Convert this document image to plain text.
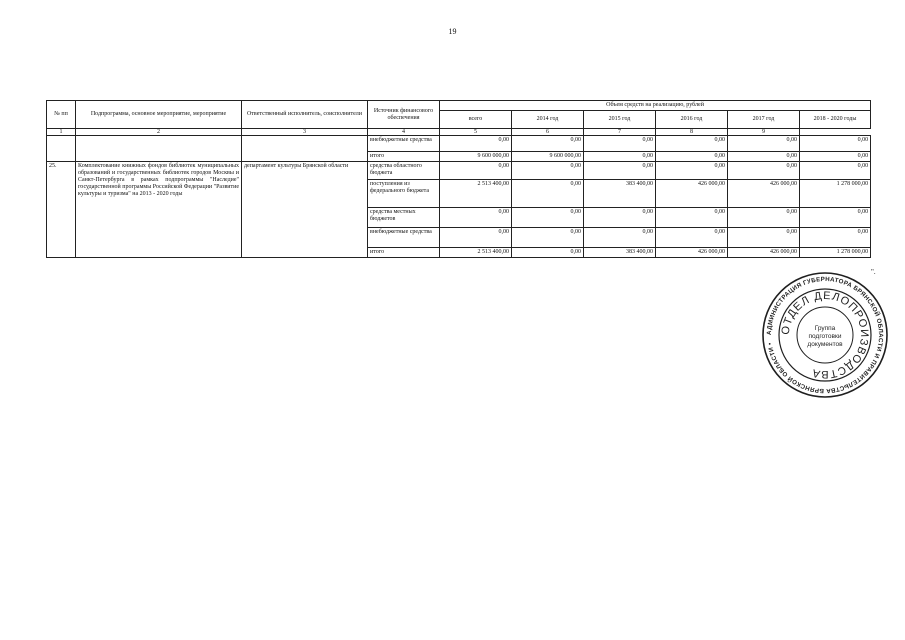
19
№ пп	Подпрограмма, основное мероприятие, мероприятие	Ответственный исполнитель, соисполнители	Источник финансового обеспечения	Объем средств на реализацию, рублей					
				всего	2014 год	2015 год	2016 год	2017 год	2018 - 2020 годы
1	2	3	4	5	6	7	8	9	
			внебюджетные средства	0,00	0,00	0,00	0,00	0,00	0,00
			итого	9 600 000,00	9 600 000,00	0,00	0,00	0,00	0,00
25.	Комплектование книжных фондов библиотек муниципальных образований и государственных библиотек городов Москвы и Санкт-Петербурга в рамках подпрограммы "Наследие" государственной программы Российской Федерации "Развитие культуры и туризма" на 2013 - 2020 годы	департамент культуры Брянской области	средства областного бюджета	0,00	0,00	0,00	0,00	0,00	0,00
			поступления из федерального бюджета	2 513 400,00	0,00	383 400,00	426 000,00	426 000,00	1 278 000,00
			средства местных бюджетов	0,00	0,00	0,00	0,00	0,00	0,00
			внебюджетные средства	0,00	0,00	0,00	0,00	0,00	0,00
			итого	2 513 400,00	0,00	383 400,00	426 000,00	426 000,00	1 278 000,00
".
АДМИНИСТРАЦИЯ ГУБЕРНАТОРА БРЯНСКОЙ ОБЛАСТИ И ПРАВИТЕЛЬСТВА БРЯНСКОЙ ОБЛАСТИ •
ОТДЕЛ ДЕЛОПРОИЗВОДСТВА
Группа
подготовки
документов
